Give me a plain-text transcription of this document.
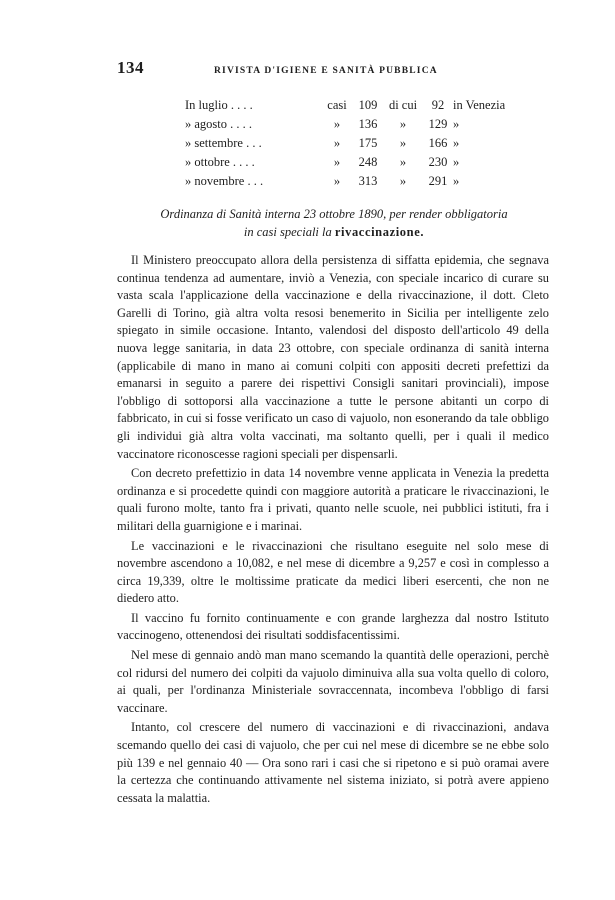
134	RIVISTA D'IGIENE E SANITÀ PUBBLICA
In luglio . . . .	casi	109	di cui	92	in Venezia
» agosto . . . .	»	136	»	129	»
» settembre . . .	»	175	»	166	»
» ottobre . . . .	»	248	»	230	»
» novembre . . .	»	313	»	291	»
Ordinanza di Sanità interna 23 ottobre 1890, per render obbligatoria
in casi speciali la rivaccinazione.

Il Ministero preoccupato allora della persistenza di siffatta epidemia, che segnava continua tendenza ad aumentare, inviò a Venezia, con speciale incarico di curare su vasta scala l'applicazione della vaccinazione e della rivaccinazione, il dott. Cleto Garelli di Torino, già altra volta resosi benemerito in Sicilia per intelligente zelo spiegato in simile occasione. Intanto, valendosi del disposto dell'articolo 49 della nuova legge sanitaria, in data 23 ottobre, con speciale ordinanza di sanità interna (applicabile di mano in mano ai comuni colpiti con appositi decreti prefettizi da emanarsi in seguito a parere dei rispettivi Consigli sanitari provinciali), impose l'obbligo di sottoporsi alla vaccinazione a tutte le persone abitanti un corpo di fabbricato, in cui si fosse verificato un caso di vajuolo, non esonerando da tale obbligo gli individui già altra volta vaccinati, ma soltanto quelli, per i quali il medico vaccinatore riconoscesse ragioni speciali per dispensarli.

Con decreto prefettizio in data 14 novembre venne applicata in Venezia la predetta ordinanza e si procedette quindi con maggiore autorità a praticare le rivaccinazioni, le quali furono molte, tanto fra i privati, quanto nelle scuole, nei pubblici istituti, fra i militari della guarnigione e i marinai.

Le vaccinazioni e le rivaccinazioni che risultano eseguite nel solo mese di novembre ascendono a 10,082, e nel mese di dicembre a 9,257 e così in complesso a circa 19,339, oltre le moltissime praticate da medici liberi esercenti, che non ne diedero atto.

Il vaccino fu fornito continuamente e con grande larghezza dal nostro Istituto vaccinogeno, ottenendosi dei risultati soddisfacentissimi.

Nel mese di gennaio andò man mano scemando la quantità delle operazioni, perchè col ridursi del numero dei colpiti da vajuolo diminuiva alla sua volta quello di coloro, ai quali, per l'ordinanza Ministeriale sovraccennata, incombeva l'obbligo di farsi vaccinare.

Intanto, col crescere del numero di vaccinazioni e di rivaccinazioni, andava scemando quello dei casi di vajuolo, che per cui nel mese di dicembre se ne ebbe solo più 139 e nel gennaio 40 — Ora sono rari i casi che si ripetono e si può oramai avere la certezza che continuando attivamente nel sistema iniziato, si potrà avere appieno cessata la malattia.
